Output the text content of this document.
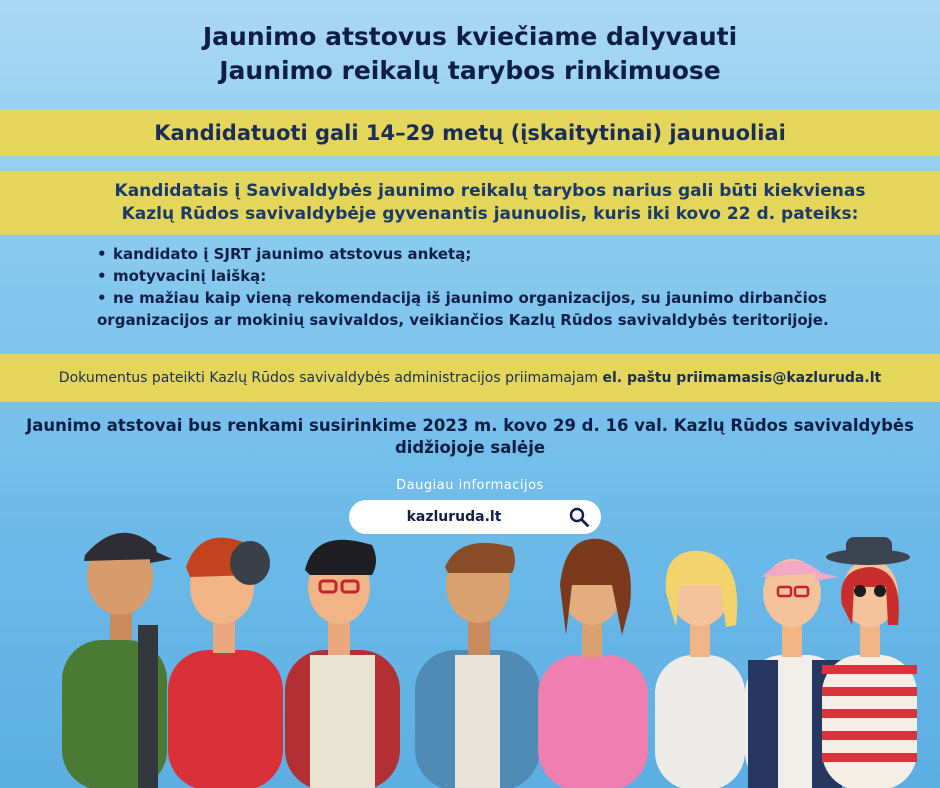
Jaunimo atstovus kviečiame dalyvauti
Jaunimo reikalų tarybos rinkimuose
Kandidatuoti gali 14–29 metų (įskaitytinai) jaunuoliai
Kandidatais į Savivaldybės jaunimo reikalų tarybos narius gali būti kiekvienas
Kazlų Rūdos savivaldybėje gyvenantis jaunuolis, kuris iki kovo 22 d. pateiks:
• kandidato į SJRT jaunimo atstovus anketą;
• motyvacinį laišką:
• ne mažiau kaip vieną rekomendaciją iš jaunimo organizacijos, su jaunimo dirbančios
organizacijos ar mokinių savivaldos, veikiančios Kazlų Rūdos savivaldybės teritorijoje.
Dokumentus pateikti Kazlų Rūdos savivaldybės administracijos priimamajam el. paštu priimamasis@kazluruda.lt
Jaunimo atstovai bus renkami susirinkime 2023 m. kovo 29 d. 16 val. Kazlų Rūdos savivaldybės
didžiojoje salėje
Daugiau informacijos
kazluruda.lt
